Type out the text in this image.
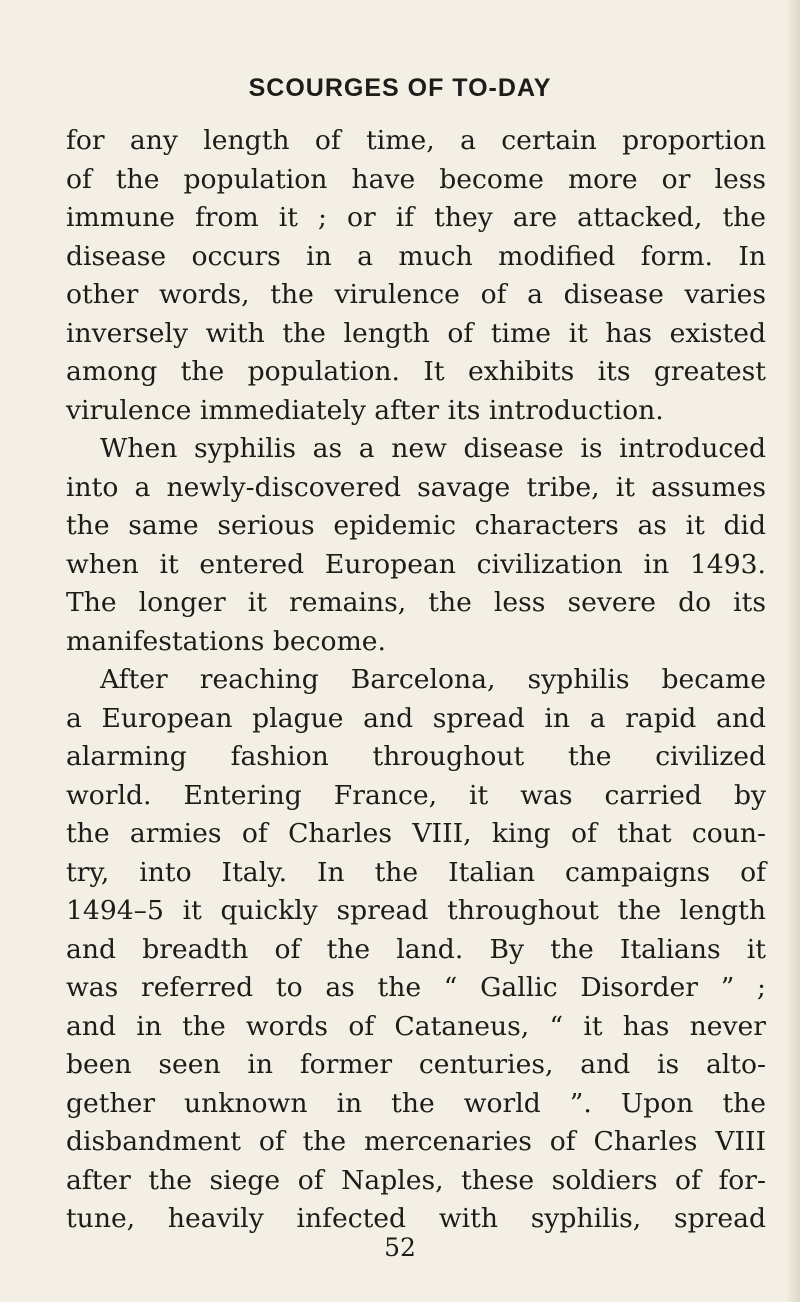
SCOURGES OF TO-DAY
for any length of time, a certain proportion
of the population have become more or less
immune from it ; or if they are attacked, the
disease occurs in a much modified form. In
other words, the virulence of a disease varies
inversely with the length of time it has existed
among the population. It exhibits its greatest
virulence immediately after its introduction.
When syphilis as a new disease is introduced
into a newly-discovered savage tribe, it assumes
the same serious epidemic characters as it did
when it entered European civilization in 1493.
The longer it remains, the less severe do its
manifestations become.
After reaching Barcelona, syphilis became
a European plague and spread in a rapid and
alarming fashion throughout the civilized
world. Entering France, it was carried by
the armies of Charles VIII, king of that coun-
try, into Italy. In the Italian campaigns of
1494–5 it quickly spread throughout the length
and breadth of the land. By the Italians it
was referred to as the “ Gallic Disorder ” ;
and in the words of Cataneus, “ it has never
been seen in former centuries, and is alto-
gether unknown in the world ”. Upon the
disbandment of the mercenaries of Charles VIII
after the siege of Naples, these soldiers of for-
tune, heavily infected with syphilis, spread
52
